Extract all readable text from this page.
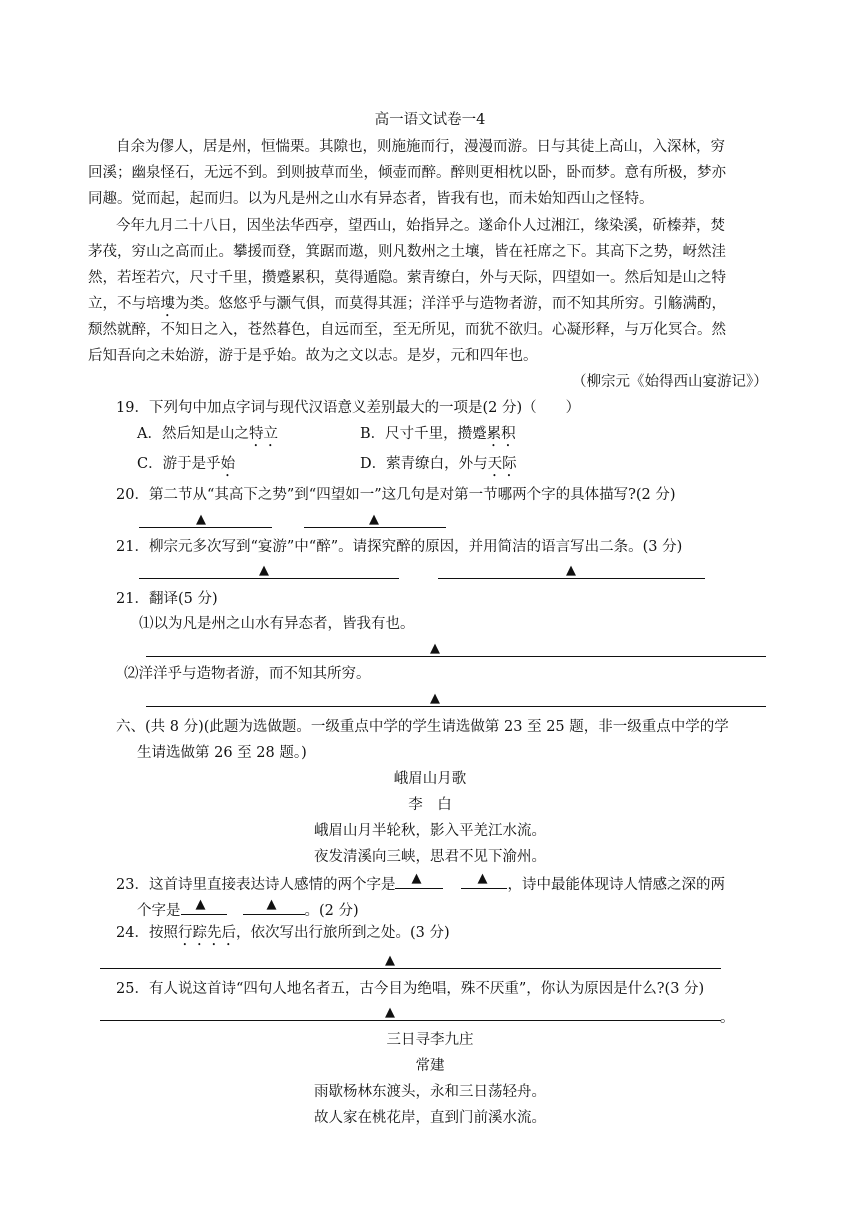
高一语文试卷一4
自余为僇人，居是州，恒惴栗。其隙也，则施施而行，漫漫而游。日与其徒上高山，入深林，穷
回溪；幽泉怪石，无远不到。到则披草而坐，倾壶而醉。醉则更相枕以卧，卧而梦。意有所极，梦亦
同趣。觉而起，起而归。以为凡是州之山水有异态者，皆我有也，而未始知西山之怪特。
今年九月二十八日，因坐法华西亭，望西山，始指异之。遂命仆人过湘江，缘染溪，斫榛莽，焚
茅茷，穷山之高而止。攀援而登，箕踞而遨，则凡数州之土壤，皆在衽席之下。其高下之势，岈然洼
然，若垤若穴，尺寸千里，攒蹙累积，莫得遁隐。萦青缭白，外与天际，四望如一。然后知是山之特
立，不与培塿为类。悠悠乎与灏气俱，而莫得其涯；洋洋乎与造物者游，而不知其所穷。引觞满酌，
颓然就醉，不知日之入，苍然暮色，自远而至，至无所见，而犹不欲归。心凝形释，与万化冥合。然
后知吾向之未始游，游于是乎始。故为之文以志。是岁，元和四年也。
（柳宗元《始得西山宴游记》）
19．下列句中加点字词与现代汉语意义差别最大的一项是(2 分)（　　）
A．然后知是山之特立	B．尺寸千里，攒蹙累积
C．游于是乎始	D．萦青缭白，外与天际
20．第二节从“其高下之势”到“四望如一”这几句是对第一节哪两个字的具体描写?(2 分)
▲	▲
21．柳宗元多次写到“宴游”中“醉”。请探究醉的原因，并用简洁的语言写出二条。(3 分)
▲	▲
21．翻译(5 分)
⑴以为凡是州之山水有异态者，皆我有也。
▲
⑵洋洋乎与造物者游，而不知其所穷。
▲
六、(共 8 分)(此题为选做题。一级重点中学的学生请选做第 23 至 25 题，非一级重点中学的学
生请选做第 26 至 28 题。)
峨眉山月歌
李　白
峨眉山月半轮秋，影入平羌江水流。
夜发清溪向三峡，思君不见下渝州。
23．这首诗里直接表达诗人感情的两个字是 ▲	▲ ，诗中最能体现诗人情感之深的两
个字是 ▲	▲ 。(2 分)
24．按照行踪先后，依次写出行旅所到之处。(3 分)
▲
25．有人说这首诗“四句人地名者五，古今目为绝唱，殊不厌重”，你认为原因是什么?(3 分)
▲	。
三日寻李九庄
常建
雨歇杨林东渡头，永和三日荡轻舟。
故人家在桃花岸，直到门前溪水流。
